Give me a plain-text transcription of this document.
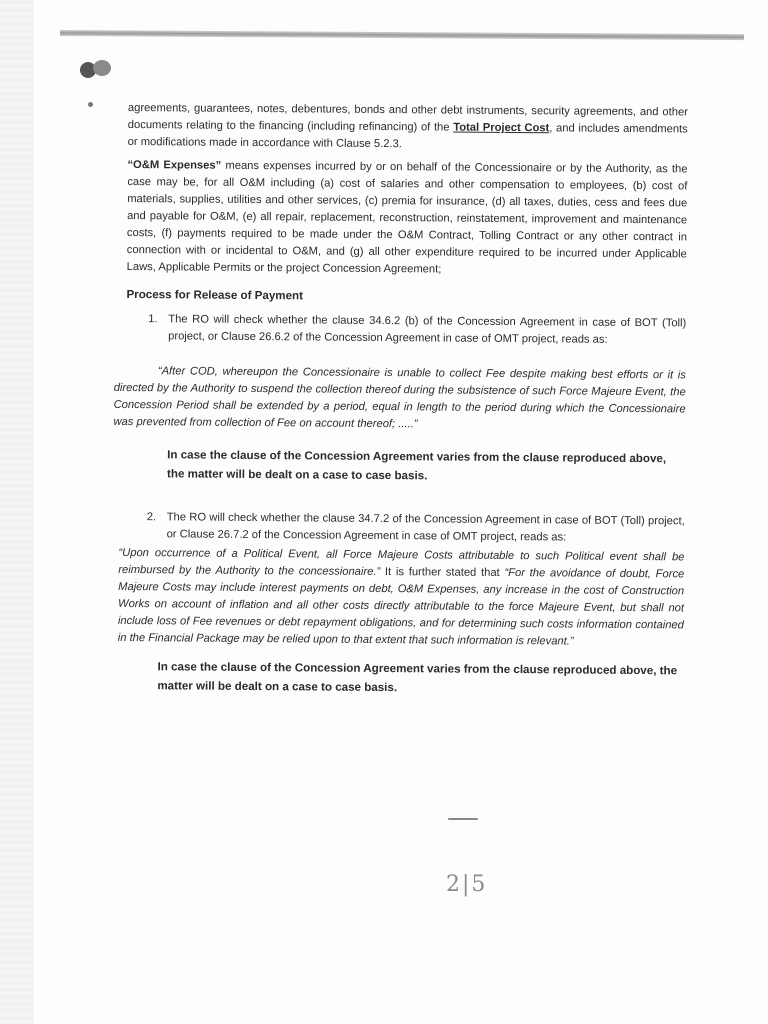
agreements, guarantees, notes, debentures, bonds and other debt instruments, security agreements, and other documents relating to the financing (including refinancing) of the Total Project Cost, and includes amendments or modifications made in accordance with Clause 5.2.3.

“O&M Expenses” means expenses incurred by or on behalf of the Concessionaire or by the Authority, as the case may be, for all O&M including (a) cost of salaries and other compensation to employees, (b) cost of materials, supplies, utilities and other services, (c) premia for insurance, (d) all taxes, duties, cess and fees due and payable for O&M, (e) all repair, replacement, reconstruction, reinstatement, improvement and maintenance costs, (f) payments required to be made under the O&M Contract, Tolling Contract or any other contract in connection with or incidental to O&M, and (g) all other expenditure required to be incurred under Applicable Laws, Applicable Permits or the project Concession Agreement;

Process for Release of Payment

1. The RO will check whether the clause 34.6.2 (b) of the Concession Agreement in case of BOT (Toll) project, or Clause 26.6.2 of the Concession Agreement in case of OMT project, reads as:

“After COD, whereupon the Concessionaire is unable to collect Fee despite making best efforts or it is directed by the Authority to suspend the collection thereof during the subsistence of such Force Majeure Event, the Concession Period shall be extended by a period, equal in length to the period during which the Concessionaire was prevented from collection of Fee on account thereof; .....”

In case the clause of the Concession Agreement varies from the clause reproduced above, the matter will be dealt on a case to case basis.

2. The RO will check whether the clause 34.7.2 of the Concession Agreement in case of BOT (Toll) project, or Clause 26.7.2 of the Concession Agreement in case of OMT project, reads as:

“Upon occurrence of a Political Event, all Force Majeure Costs attributable to such Political event shall be reimbursed by the Authority to the concessionaire.” It is further stated that “For the avoidance of doubt, Force Majeure Costs may include interest payments on debt, O&M Expenses, any increase in the cost of Construction Works on account of inflation and all other costs directly attributable to the force Majeure Event, but shall not include loss of Fee revenues or debt repayment obligations, and for determining such costs information contained in the Financial Package may be relied upon to that extent that such information is relevant.”

In case the clause of the Concession Agreement varies from the clause reproduced above, the matter will be dealt on a case to case basis.

2|5
